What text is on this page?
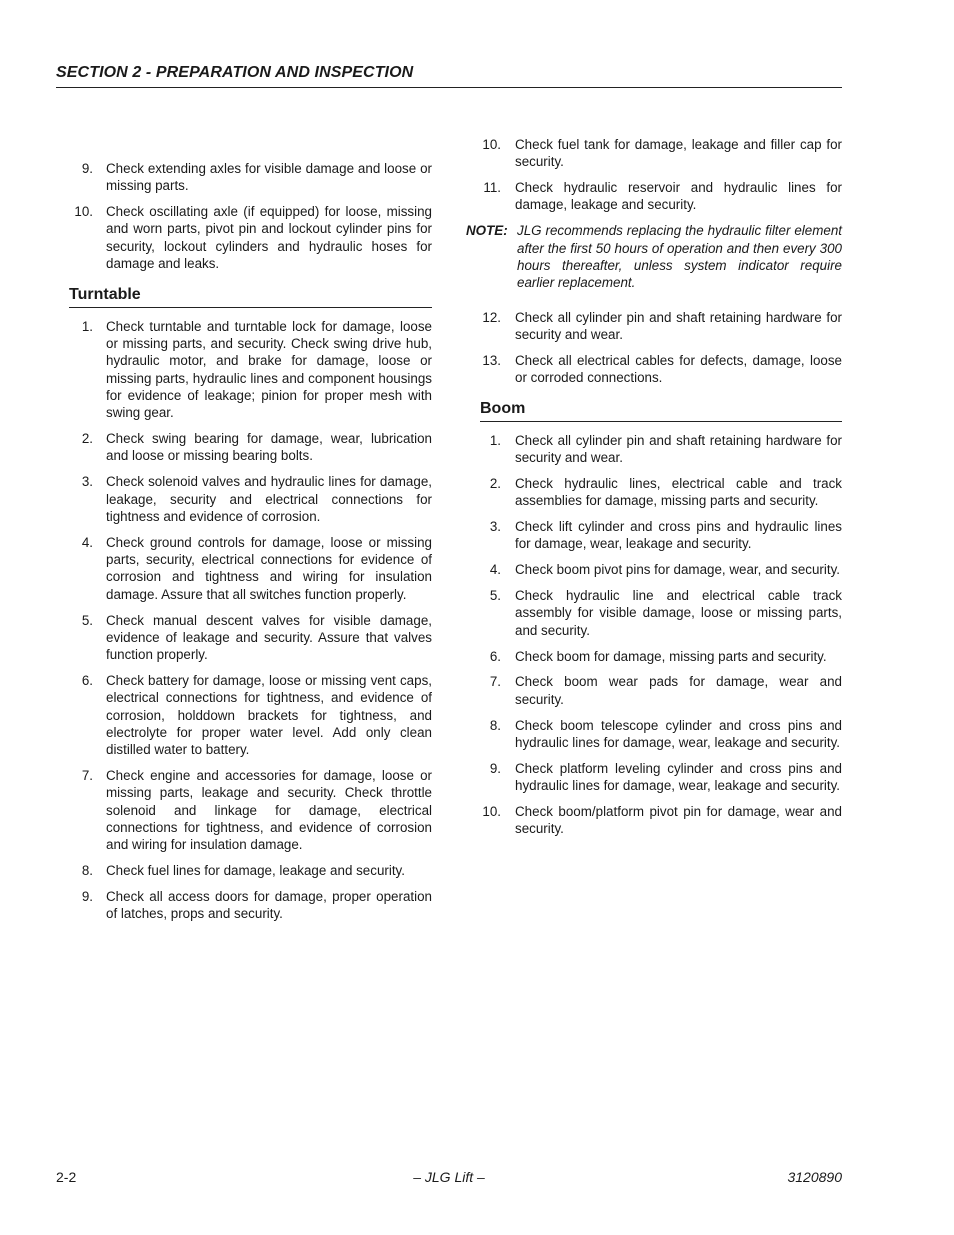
SECTION 2 - PREPARATION AND INSPECTION
9. Check extending axles for visible damage and loose or missing parts.
10. Check oscillating axle (if equipped) for loose, missing and worn parts, pivot pin and lockout cylinder pins for security, lockout cylinders and hydraulic hoses for damage and leaks.
Turntable
1. Check turntable and turntable lock for damage, loose or missing parts, and security. Check swing drive hub, hydraulic motor, and brake for damage, loose or missing parts, hydraulic lines and component housings for evidence of leakage; pinion for proper mesh with swing gear.
2. Check swing bearing for damage, wear, lubrication and loose or missing bearing bolts.
3. Check solenoid valves and hydraulic lines for damage, leakage, security and electrical connections for tightness and evidence of corrosion.
4. Check ground controls for damage, loose or missing parts, security, electrical connections for evidence of corrosion and tightness and wiring for insulation damage. Assure that all switches function properly.
5. Check manual descent valves for visible damage, evidence of leakage and security. Assure that valves function properly.
6. Check battery for damage, loose or missing vent caps, electrical connections for tightness, and evidence of corrosion, holddown brackets for tightness, and electrolyte for proper water level. Add only clean distilled water to battery.
7. Check engine and accessories for damage, loose or missing parts, leakage and security. Check throttle solenoid and linkage for damage, electrical connections for tightness, and evidence of corrosion and wiring for insulation damage.
8. Check fuel lines for damage, leakage and security.
9. Check all access doors for damage, proper operation of latches, props and security.
10. Check fuel tank for damage, leakage and filler cap for security.
11. Check hydraulic reservoir and hydraulic lines for damage, leakage and security.
NOTE: JLG recommends replacing the hydraulic filter element after the first 50 hours of operation and then every 300 hours thereafter, unless system indicator require earlier replacement.
12. Check all cylinder pin and shaft retaining hardware for security and wear.
13. Check all electrical cables for defects, damage, loose or corroded connections.
Boom
1. Check all cylinder pin and shaft retaining hardware for security and wear.
2. Check hydraulic lines, electrical cable and track assemblies for damage, missing parts and security.
3. Check lift cylinder and cross pins and hydraulic lines for damage, wear, leakage and security.
4. Check boom pivot pins for damage, wear, and security.
5. Check hydraulic line and electrical cable track assembly for visible damage, loose or missing parts, and security.
6. Check boom for damage, missing parts and security.
7. Check boom wear pads for damage, wear and security.
8. Check boom telescope cylinder and cross pins and hydraulic lines for damage, wear, leakage and security.
9. Check platform leveling cylinder and cross pins and hydraulic lines for damage, wear, leakage and security.
10. Check boom/platform pivot pin for damage, wear and security.
2-2	– JLG Lift –	3120890
